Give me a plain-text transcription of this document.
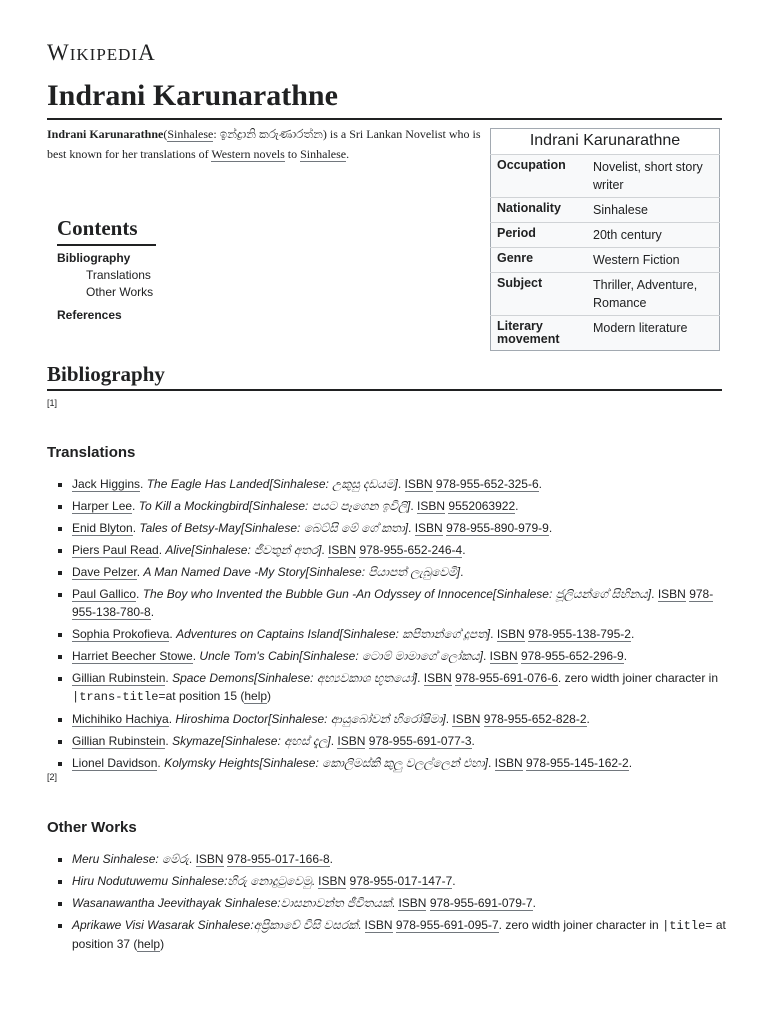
WIKIPEDIA
Indrani Karunarathne

Indrani Karunarathne(Sinhalese: ඉන්ද්‍රානි කරුණාරත්න) is a Sri Lankan Novelist who is best known for her translations of Western novels to Sinhalese.

Indrani Karunarathne
Occupation	Novelist, short story writer
Nationality	Sinhalese
Period	20th century
Genre	Western Fiction
Subject	Thriller, Adventure, Romance
Literary movement	Modern literature
Contents
Bibliography
Translations
Other Works
References
Bibliography
[1]
Translations
▪ Jack Higgins. The Eagle Has Landed[Sinhalese: උකුසු දඩයම]. ISBN 978-955-652-325-6.
▪ Harper Lee. To Kill a Mockingbird[Sinhalese: පයට පෑගෙන ඉවිලි]. ISBN 9552063922.
▪ Enid Blyton. Tales of Betsy-May[Sinhalese: බෙට්සි මේ ගේ කතා]. ISBN 978-955-890-979-9.
▪ Piers Paul Read. Alive[Sinhalese: ජීවතුන් අතර]. ISBN 978-955-652-246-4.
▪ Dave Pelzer. A Man Named Dave -My Story[Sinhalese: පියාපත් ලැබුවෙමි].
▪ Paul Gallico. The Boy who Invented the Bubble Gun -An Odyssey of Innocence[Sinhalese: ජූලියන්ගේ සිහිනය]. ISBN 978-955-138-780-8.
▪ Sophia Prokofieva. Adventures on Captains Island[Sinhalese: කපිතාන්ගේ දූපත]. ISBN 978-955-138-795-2.
▪ Harriet Beecher Stowe. Uncle Tom's Cabin[Sinhalese: ටොම් මාමාගේ ලෝකය]. ISBN 978-955-652-296-9.
▪ Gillian Rubinstein. Space Demons[Sinhalese: අභ්‍යවකාශ භූතයෝ]. ISBN 978-955-691-076-6. zero width joiner character in |trans-title=at position 15 (help)
▪ Michihiko Hachiya. Hiroshima Doctor[Sinhalese: ආයුබෝවන් හිරෝෂිමා]. ISBN 978-955-652-828-2.
▪ Gillian Rubinstein. Skymaze[Sinhalese: අහස් දැල]. ISBN 978-955-691-077-3.
▪ Lionel Davidson. Kolymsky Heights[Sinhalese: කොලිමස්කි කුලු වලල්ලෙන් එහා]. ISBN 978-955-145-162-2.
[2]
Other Works
▪ Meru Sinhalese: මේරු. ISBN 978-955-017-166-8.
▪ Hiru Nodutuwemu Sinhalese:හිරු නොදුටුවෙමු. ISBN 978-955-017-147-7.
▪ Wasanawantha Jeevithayak Sinhalese:වාසනාවන්ත ජීවිතයක්. ISBN 978-955-691-079-7.
▪ Aprikawe Visi Wasarak Sinhalese:අප්‍රිකාවේ විසි වසරක්. ISBN 978-955-691-095-7. zero width joiner character in |title= at position 37 (help)
